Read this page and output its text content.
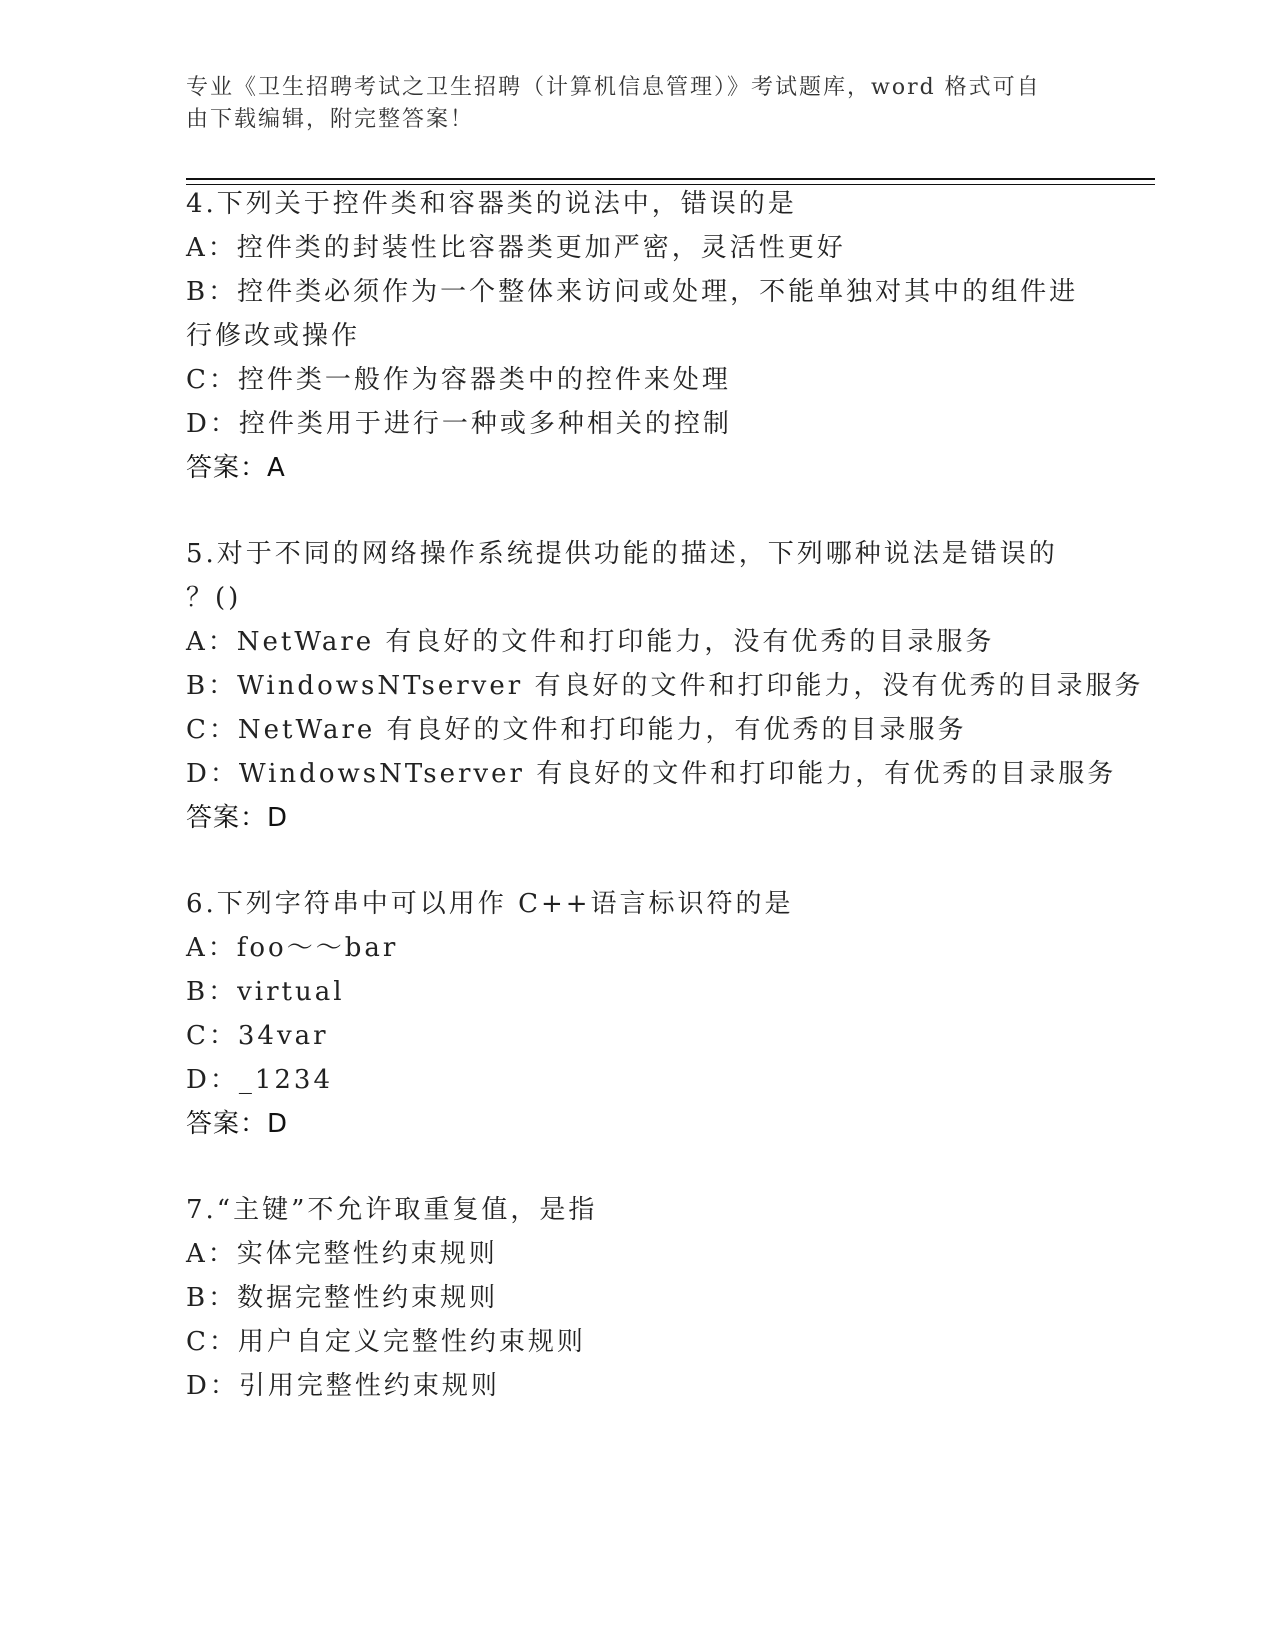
专业《卫生招聘考试之卫生招聘（计算机信息管理）》考试题库，word 格式可自
由下载编辑，附完整答案！
4.下列关于控件类和容器类的说法中，错误的是
A：控件类的封装性比容器类更加严密，灵活性更好
B：控件类必须作为一个整体来访问或处理，不能单独对其中的组件进
行修改或操作
C：控件类一般作为容器类中的控件来处理
D：控件类用于进行一种或多种相关的控制
答案：A
5.对于不同的网络操作系统提供功能的描述，下列哪种说法是错误的
？()
A：NetWare 有良好的文件和打印能力，没有优秀的目录服务
B：WindowsNTserver 有良好的文件和打印能力，没有优秀的目录服务
C：NetWare 有良好的文件和打印能力，有优秀的目录服务
D：WindowsNTserver 有良好的文件和打印能力，有优秀的目录服务
答案：D
6.下列字符串中可以用作 C++语言标识符的是
A：foo～～bar
B：virtual
C：34var
D：_1234
答案：D
7.“主键”不允许取重复值，是指
A：实体完整性约束规则
B：数据完整性约束规则
C：用户自定义完整性约束规则
D：引用完整性约束规则
